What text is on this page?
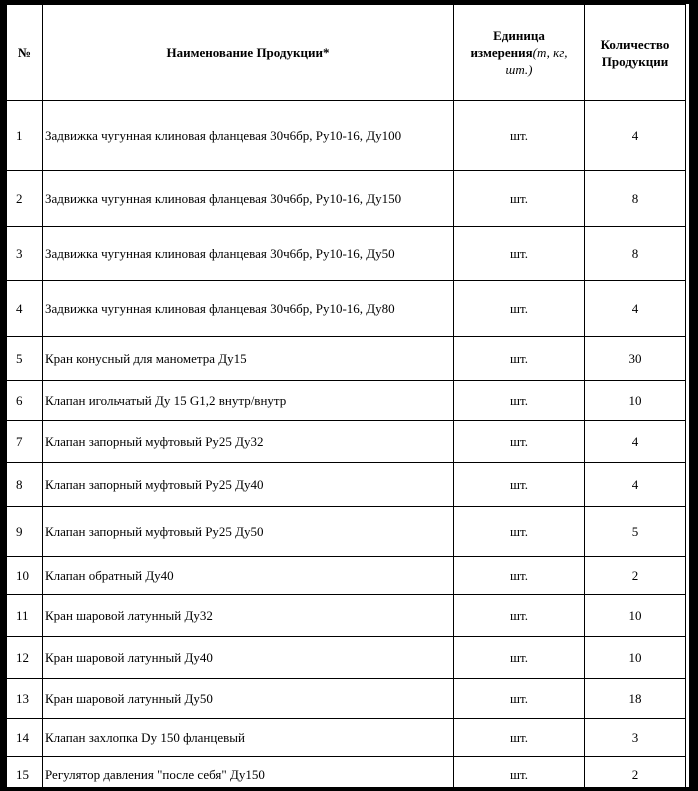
№	Наименование Продукции*	Единица измерения(т, кг, шт.)	Количество Продукции
1	Задвижка чугунная клиновая фланцевая 30ч6бр, Ру10-16, Ду100	шт.	4
2	Задвижка чугунная клиновая фланцевая 30ч6бр, Ру10-16, Ду150	шт.	8
3	Задвижка чугунная клиновая фланцевая 30ч6бр, Ру10-16, Ду50	шт.	8
4	Задвижка чугунная клиновая фланцевая 30ч6бр, Ру10-16, Ду80	шт.	4
5	Кран конусный для манометра Ду15	шт.	30
6	Клапан игольчатый Ду 15 G1,2 внутр/внутр	шт.	10
7	Клапан запорный муфтовый Ру25 Ду32	шт.	4
8	Клапан запорный муфтовый Ру25 Ду40	шт.	4
9	Клапан запорный муфтовый Ру25 Ду50	шт.	5
10	Клапан обратный Ду40	шт.	2
11	Кран шаровой латунный Ду32	шт.	10
12	Кран шаровой латунный Ду40	шт.	10
13	Кран шаровой латунный Ду50	шт.	18
14	Клапан захлопка Dу 150 фланцевый	шт.	3
15	Регулятор давления "после себя" Ду150	шт.	2
